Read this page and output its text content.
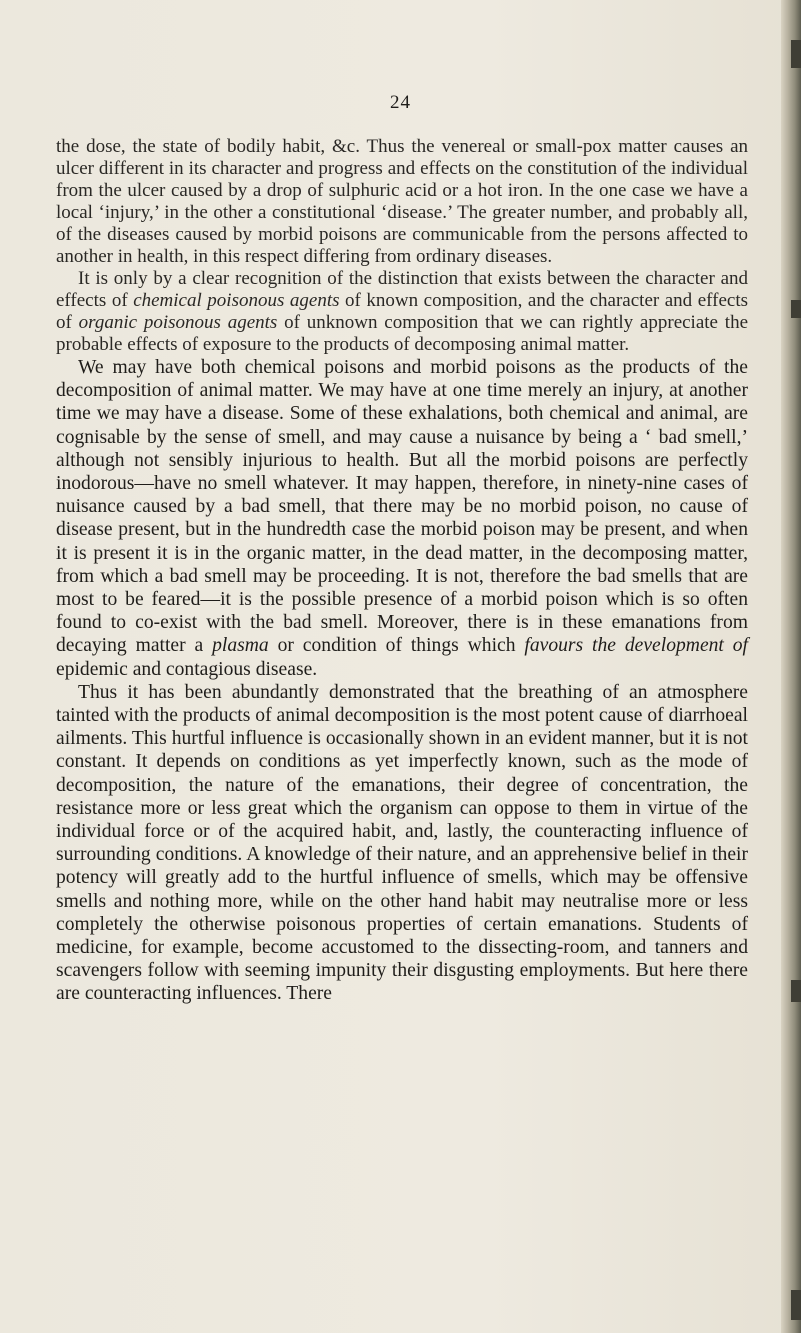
24

the dose, the state of bodily habit, &c. Thus the venereal or small-pox matter causes an ulcer different in its character and progress and effects on the constitution of the individual from the ulcer caused by a drop of sulphuric acid or a hot iron. In the one case we have a local ‘injury,’ in the other a constitutional ‘disease.’ The greater number, and probably all, of the diseases caused by morbid poisons are communicable from the persons affected to another in health, in this respect differing from ordinary diseases.

It is only by a clear recognition of the distinction that exists between the character and effects of chemical poisonous agents of known composition, and the character and effects of organic poisonous agents of unknown composition that we can rightly appreciate the probable effects of exposure to the products of decomposing animal matter.

We may have both chemical poisons and morbid poisons as the products of the decomposition of animal matter. We may have at one time merely an injury, at another time we may have a disease. Some of these exhalations, both chemical and animal, are cognisable by the sense of smell, and may cause a nuisance by being a ‘ bad smell,’ although not sensibly injurious to health. But all the morbid poisons are perfectly inodorous—have no smell whatever. It may happen, therefore, in ninety-nine cases of nuisance caused by a bad smell, that there may be no morbid poison, no cause of disease present, but in the hundredth case the morbid poison may be present, and when it is present it is in the organic matter, in the dead matter, in the decomposing matter, from which a bad smell may be proceeding. It is not, therefore the bad smells that are most to be feared—it is the possible presence of a morbid poison which is so often found to co-exist with the bad smell. Moreover, there is in these emanations from decaying matter a plasma or condition of things which favours the development of epidemic and contagious disease.

Thus it has been abundantly demonstrated that the breathing of an atmosphere tainted with the products of animal decomposition is the most potent cause of diarrhoeal ailments. This hurtful influence is occasionally shown in an evident manner, but it is not constant. It depends on conditions as yet imperfectly known, such as the mode of decomposition, the nature of the emanations, their degree of concentration, the resistance more or less great which the organism can oppose to them in virtue of the individual force or of the acquired habit, and, lastly, the counteracting influence of surrounding conditions. A knowledge of their nature, and an apprehensive belief in their potency will greatly add to the hurtful influence of smells, which may be offensive smells and nothing more, while on the other hand habit may neutralise more or less completely the otherwise poisonous properties of certain emanations. Students of medicine, for example, become accustomed to the dissecting-room, and tanners and scavengers follow with seeming impunity their disgusting employments. But here there are counteracting influences. There
